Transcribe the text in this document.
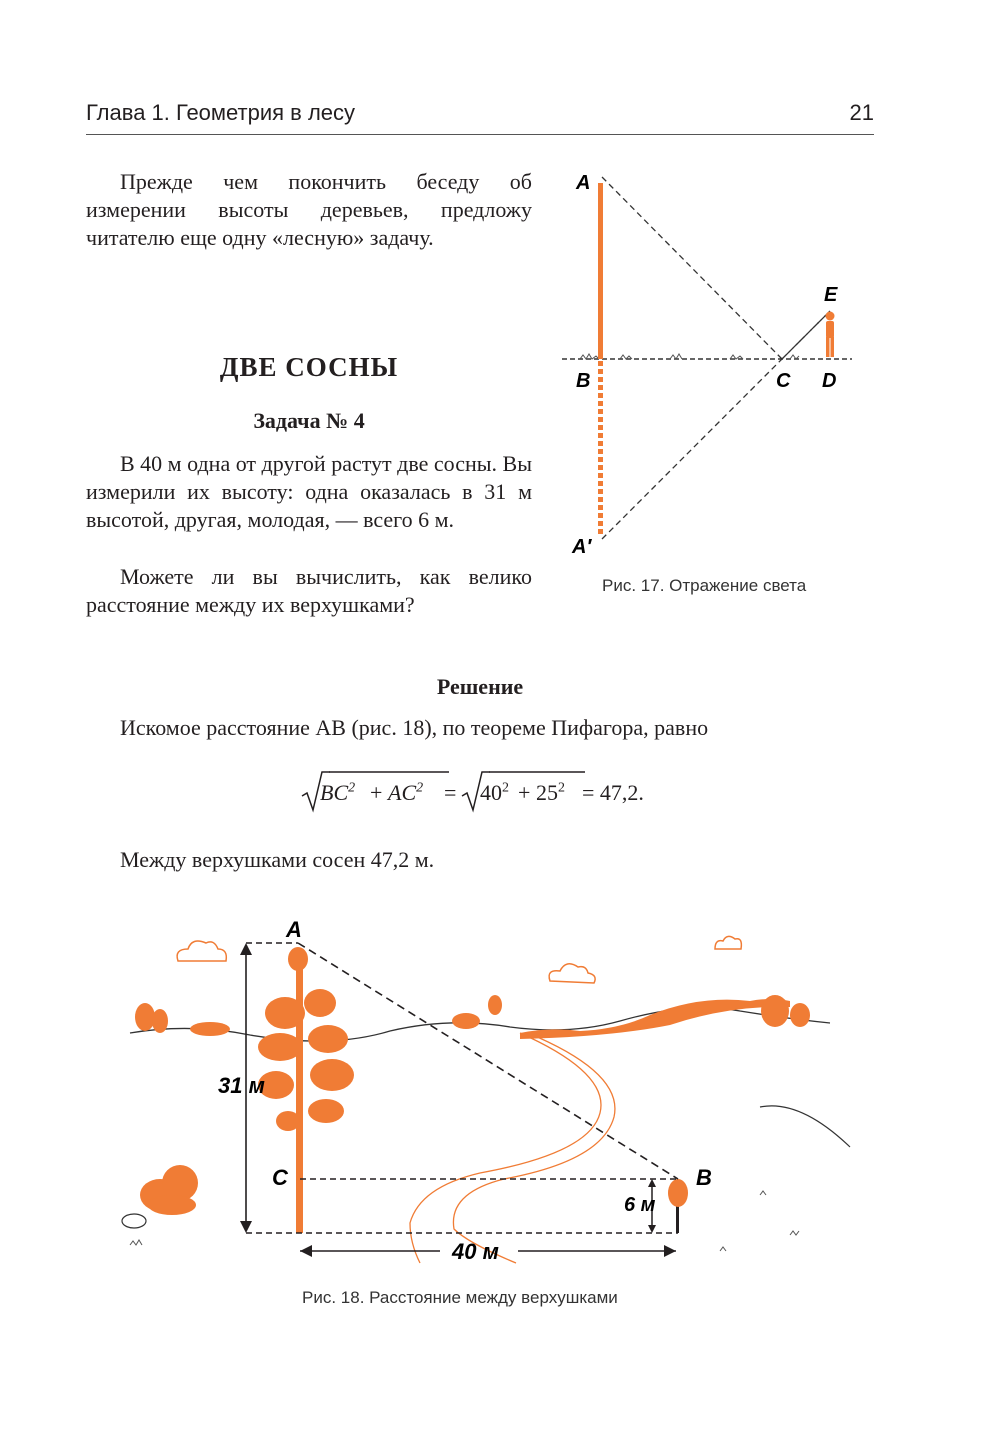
Глава 1. Геометрия в лесу	21

Прежде чем покончить беседу об измерении высоты деревьев, предложу читателю еще одну «лесную» задачу.

ДВЕ СОСНЫ
Задача № 4

В 40 м одна от другой растут две сосны. Вы измерили их высоту: одна оказалась в 31 м высотой, другая, молодая, — всего 6 м.

Можете ли вы вычислить, как велико расстояние между их верхушками?

A
E
B	C D
A′
Рис. 17. Отражение света
Решение

Искомое расстояние AB (рис. 18), по теореме Пифагора, равно

$BC^2 + AC^2 = 40^2 + 25^2 = 47,2$.

Между верхушками сосен 47,2 м.

A
C	B
31 м
6 м
40 м
Рис. 18. Расстояние между верхушками
